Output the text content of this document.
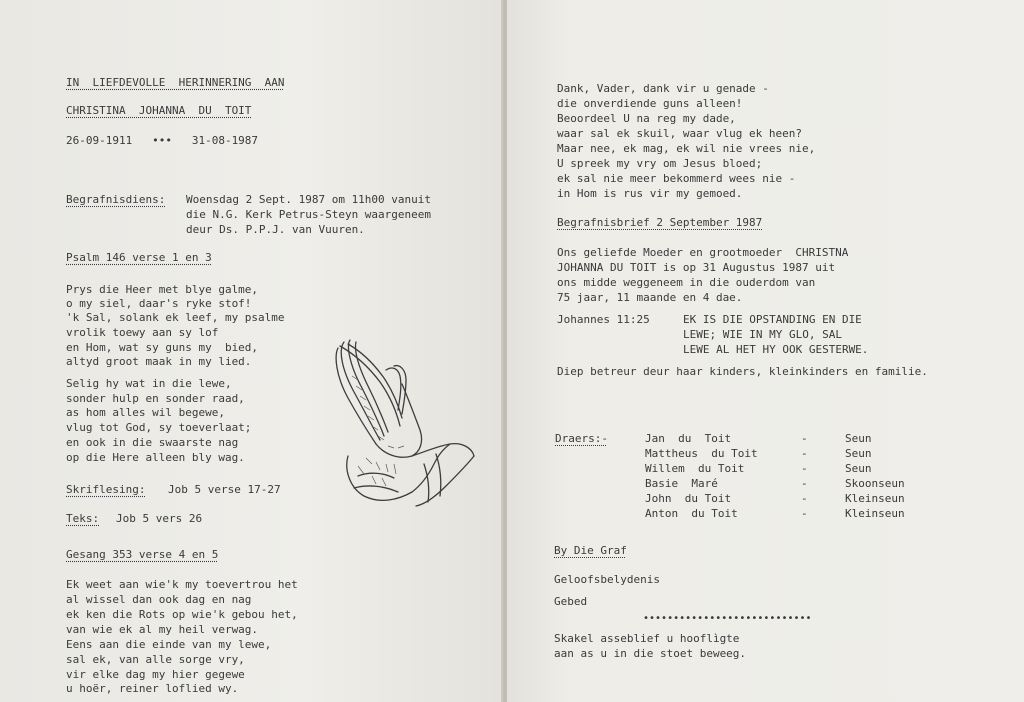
IN  LIEFDEVOLLE  HERINNERING  AAN
CHRISTINA  JOHANNA  DU  TOIT
26-09-1911   •••   31-08-1987
Begrafnisdiens: Woensdag 2 Sept. 1987 om 11h00 vanuit
die N.G. Kerk Petrus-Steyn waargeneem
deur Ds. P.P.J. van Vuuren.
Psalm 146 verse 1 en 3
Prys die Heer met blye galme,
o my siel, daar's ryke stof!
'k Sal, solank ek leef, my psalme
vrolik toewy aan sy lof
en Hom, wat sy guns my  bied,
altyd groot maak in my lied.
Selig hy wat in die lewe,
sonder hulp en sonder raad,
as hom alles wil begewe,
vlug tot God, sy toeverlaat;
en ook in die swaarste nag
op die Here alleen bly wag.
Skriflesing: Job 5 verse 17-27
Teks: Job 5 vers 26
Gesang 353 verse 4 en 5
Ek weet aan wie'k my toevertrou het
al wissel dan ook dag en nag
ek ken die Rots op wie'k gebou het,
van wie ek al my heil verwag.
Eens aan die einde van my lewe,
sal ek, van alle sorge vry,
vir elke dag my hier gegewe
u hoër, reiner loflied wy.
Dank, Vader, dank vir u genade -
die onverdiende guns alleen!
Beoordeel U na reg my dade,
waar sal ek skuil, waar vlug ek heen?
Maar nee, ek mag, ek wil nie vrees nie,
U spreek my vry om Jesus bloed;
ek sal nie meer bekommerd wees nie -
in Hom is rus vir my gemoed.
Begrafnisbrief 2 September 1987
Ons geliefde Moeder en grootmoeder  CHRISTNA
JOHANNA DU TOIT is op 31 Augustus 1987 uit
ons midde weggeneem in die ouderdom van
75 jaar, 11 maande en 4 dae.
Johannes 11:25	EK IS DIE OPSTANDING EN DIE
LEWE; WIE IN MY GLO, SAL
LEWE AL HET HY OOK GESTERWE.
Diep betreur deur haar kinders, kleinkinders en familie.
Draers:-	Jan  du  Toit	-	Seun
Mattheus  du Toit	-	Seun
Willem  du Toit	-	Seun
Basie  Maré	-	Skoonseun
John  du Toit	-	Kleinseun
Anton  du Toit	-	Kleinseun
By Die Graf
Geloofsbelydenis
Gebed
••••••••••••••••••••••••••••
Skakel asseblief u hooflìgte
aan as u in die stoet beweeg.
